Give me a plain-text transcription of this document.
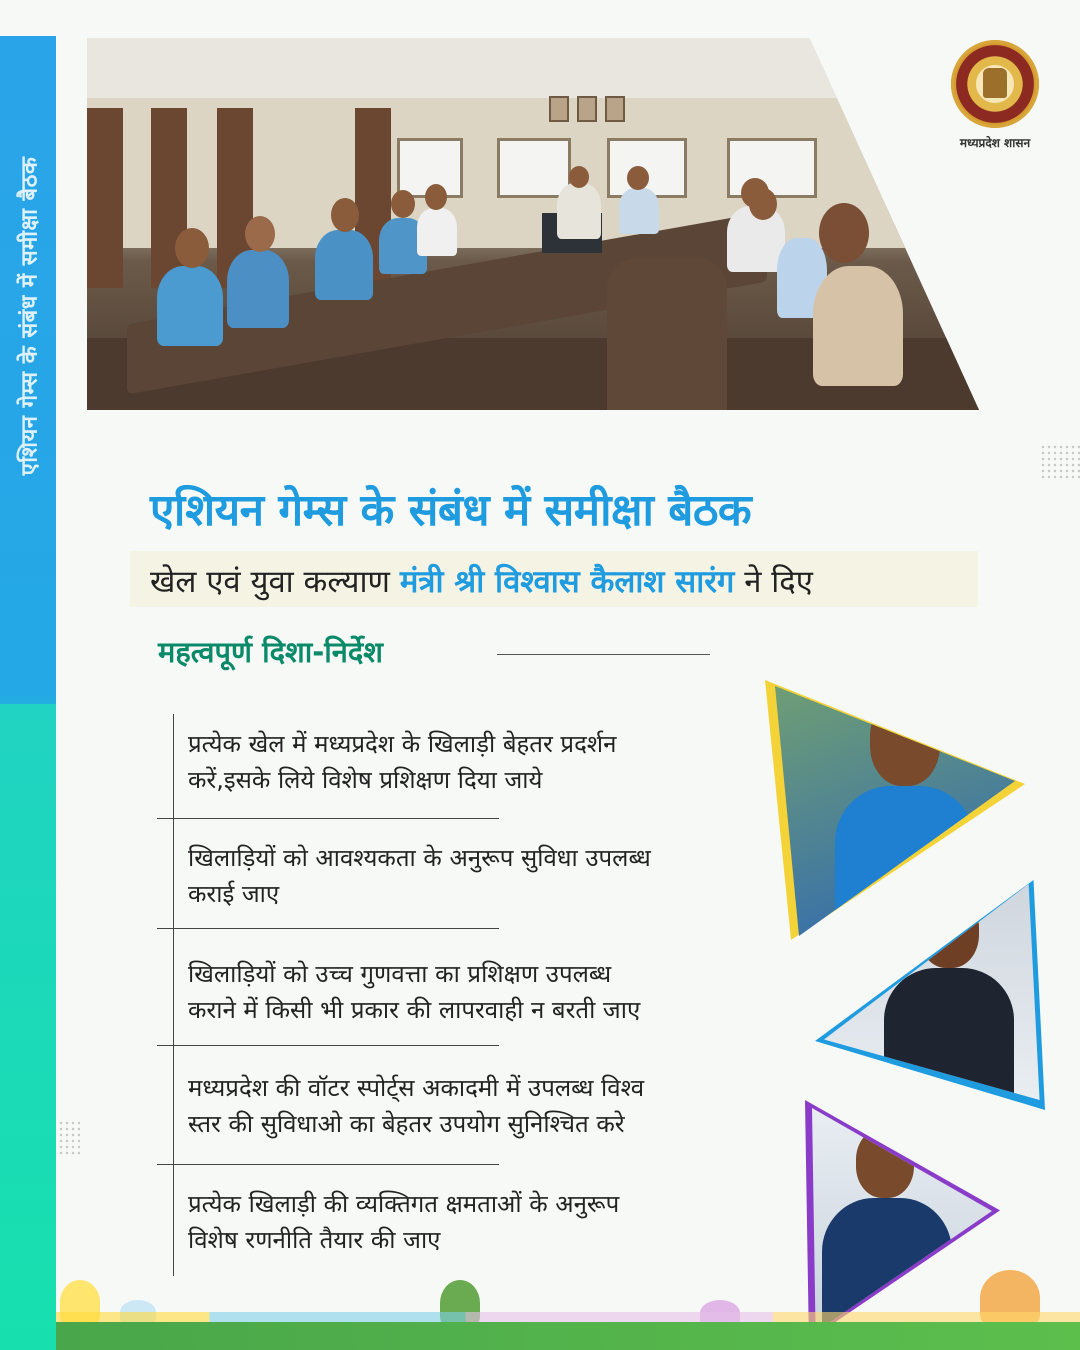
एशियन गेम्स के संबंध में समीक्षा बैठक
मध्यप्रदेश शासन
एशियन गेम्स के संबंध में समीक्षा बैठक
खेल एवं युवा कल्याण मंत्री श्री विश्वास कैलाश सारंग ने दिए
महत्वपूर्ण दिशा-निर्देश
प्रत्येक खेल में मध्यप्रदेश के खिलाड़ी बेहतर प्रदर्शन
करें,इसके लिये विशेष प्रशिक्षण दिया जाये
खिलाड़ियों को आवश्यकता के अनुरूप सुविधा उपलब्ध
कराई जाए
खिलाड़ियों को उच्च गुणवत्ता का प्रशिक्षण उपलब्ध
कराने में किसी भी प्रकार की लापरवाही न बरती जाए
मध्यप्रदेश की वॉटर स्पोर्ट्स अकादमी में उपलब्ध विश्व
स्तर की सुविधाओ का बेहतर उपयोग सुनिश्चित करे
प्रत्येक खिलाड़ी की व्यक्तिगत क्षमताओं के अनुरूप
विशेष रणनीति तैयार की जाए
